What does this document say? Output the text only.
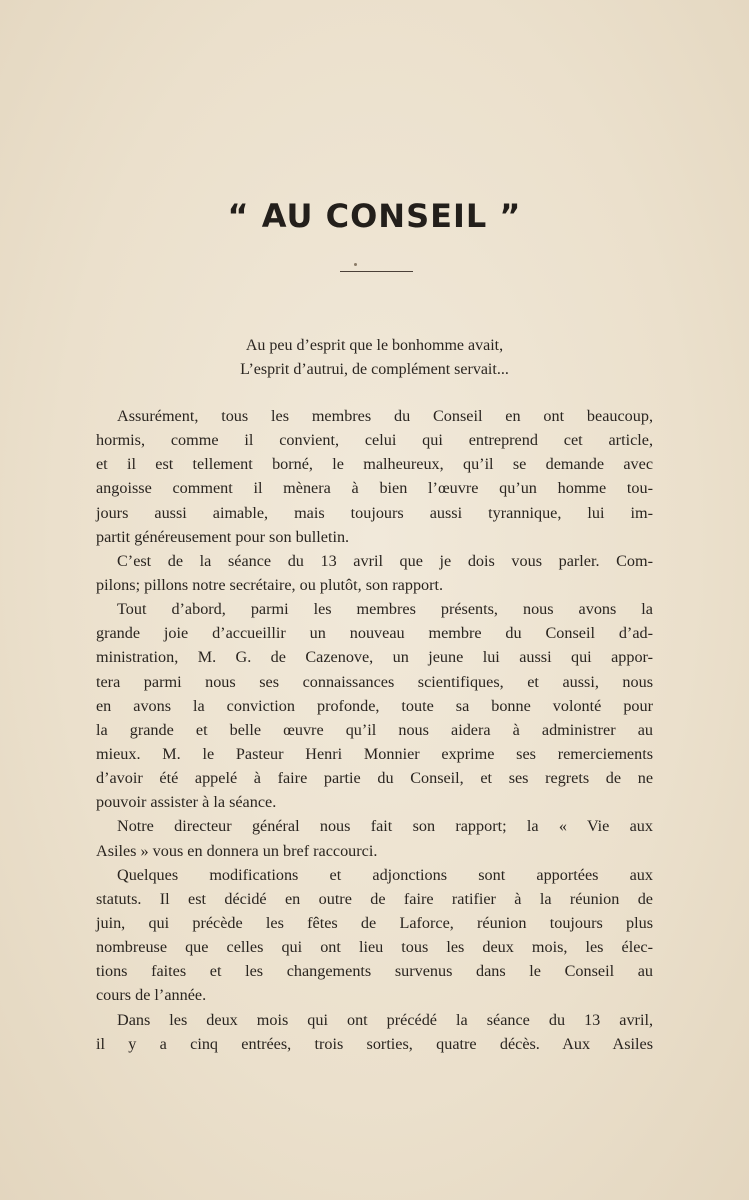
“ AU CONSEIL ”
Au peu d’esprit que le bonhomme avait,
L’esprit d’autrui, de complément servait...
Assurément, tous les membres du Conseil en ont beaucoup,
hormis, comme il convient, celui qui entreprend cet article,
et il est tellement borné, le malheureux, qu’il se demande avec
angoisse comment il mènera à bien l’œuvre qu’un homme tou-
jours aussi aimable, mais toujours aussi tyrannique, lui im-
partit généreusement pour son bulletin.
C’est de la séance du 13 avril que je dois vous parler. Com-
pilons; pillons notre secrétaire, ou plutôt, son rapport.
Tout d’abord, parmi les membres présents, nous avons la
grande joie d’accueillir un nouveau membre du Conseil d’ad-
ministration, M. G. de Cazenove, un jeune lui aussi qui appor-
tera parmi nous ses connaissances scientifiques, et aussi, nous
en avons la conviction profonde, toute sa bonne volonté pour
la grande et belle œuvre qu’il nous aidera à administrer au
mieux. M. le Pasteur Henri Monnier exprime ses remerciements
d’avoir été appelé à faire partie du Conseil, et ses regrets de ne
pouvoir assister à la séance.
Notre directeur général nous fait son rapport; la « Vie aux
Asiles » vous en donnera un bref raccourci.
Quelques modifications et adjonctions sont apportées aux
statuts. Il est décidé en outre de faire ratifier à la réunion de
juin, qui précède les fêtes de Laforce, réunion toujours plus
nombreuse que celles qui ont lieu tous les deux mois, les élec-
tions faites et les changements survenus dans le Conseil au
cours de l’année.
Dans les deux mois qui ont précédé la séance du 13 avril,
il y a cinq entrées, trois sorties, quatre décès. Aux Asiles
